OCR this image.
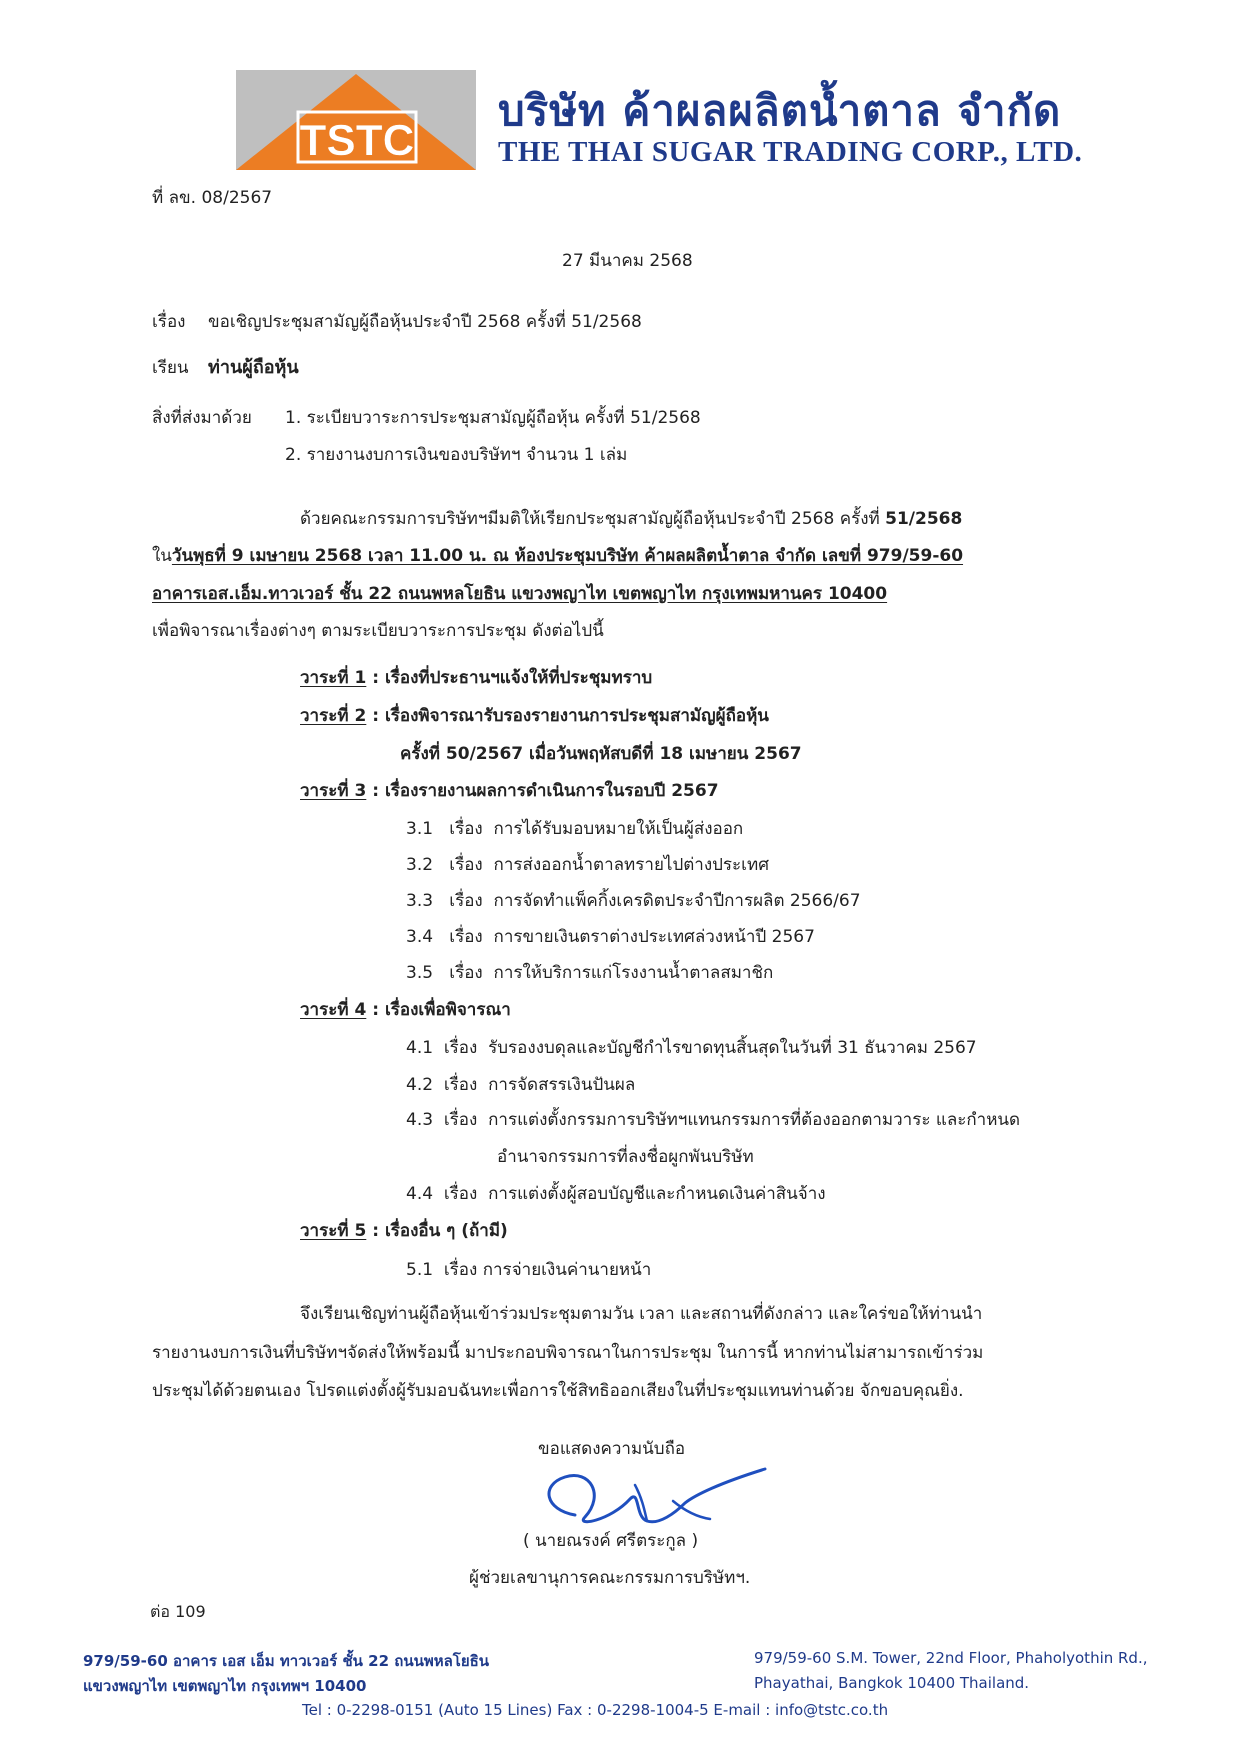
TSTC
บริษัท ค้าผลผลิตน้ำตาล จำกัด
THE THAI SUGAR TRADING CORP., LTD.
ที่ ลข. 08/2567
27 มีนาคม 2568
เรื่อง ขอเชิญประชุมสามัญผู้ถือหุ้นประจำปี 2568 ครั้งที่ 51/2568
เรียน ท่านผู้ถือหุ้น
สิ่งที่ส่งมาด้วย 1. ระเบียบวาระการประชุมสามัญผู้ถือหุ้น ครั้งที่ 51/2568
2. รายงานงบการเงินของบริษัทฯ จำนวน 1 เล่ม
ด้วยคณะกรรมการบริษัทฯมีมติให้เรียกประชุมสามัญผู้ถือหุ้นประจำปี 2568 ครั้งที่ 51/2568
ในวันพุธที่ 9 เมษายน 2568 เวลา 11.00 น. ณ ห้องประชุมบริษัท ค้าผลผลิตน้ำตาล จำกัด เลขที่ 979/59-60
อาคารเอส.เอ็ม.ทาวเวอร์ ชั้น 22 ถนนพหลโยธิน แขวงพญาไท เขตพญาไท กรุงเทพมหานคร 10400
เพื่อพิจารณาเรื่องต่างๆ ตามระเบียบวาระการประชุม ดังต่อไปนี้
วาระที่ 1 : เรื่องที่ประธานฯแจ้งให้ที่ประชุมทราบ
วาระที่ 2 : เรื่องพิจารณารับรองรายงานการประชุมสามัญผู้ถือหุ้น
ครั้งที่ 50/2567 เมื่อวันพฤหัสบดีที่ 18 เมษายน 2567
วาระที่ 3 : เรื่องรายงานผลการดำเนินการในรอบปี 2567
3.1 เรื่อง การได้รับมอบหมายให้เป็นผู้ส่งออก
3.2 เรื่อง การส่งออกน้ำตาลทรายไปต่างประเทศ
3.3 เรื่อง การจัดทำแพ็คกิ้งเครดิตประจำปีการผลิต 2566/67
3.4 เรื่อง การขายเงินตราต่างประเทศล่วงหน้าปี 2567
3.5 เรื่อง การให้บริการแก่โรงงานน้ำตาลสมาชิก
วาระที่ 4 : เรื่องเพื่อพิจารณา
4.1 เรื่อง รับรองงบดุลและบัญชีกำไรขาดทุนสิ้นสุดในวันที่ 31 ธันวาคม 2567
4.2 เรื่อง การจัดสรรเงินปันผล
4.3 เรื่อง การแต่งตั้งกรรมการบริษัทฯแทนกรรมการที่ต้องออกตามวาระ และกำหนด
อำนาจกรรมการที่ลงชื่อผูกพันบริษัท
4.4 เรื่อง การแต่งตั้งผู้สอบบัญชีและกำหนดเงินค่าสินจ้าง
วาระที่ 5 : เรื่องอื่น ๆ (ถ้ามี)
5.1 เรื่อง การจ่ายเงินค่านายหน้า
จึงเรียนเชิญท่านผู้ถือหุ้นเข้าร่วมประชุมตามวัน เวลา และสถานที่ดังกล่าว และใคร่ขอให้ท่านนำ
รายงานงบการเงินที่บริษัทฯจัดส่งให้พร้อมนี้ มาประกอบพิจารณาในการประชุม ในการนี้ หากท่านไม่สามารถเข้าร่วม
ประชุมได้ด้วยตนเอง โปรดแต่งตั้งผู้รับมอบฉันทะเพื่อการใช้สิทธิออกเสียงในที่ประชุมแทนท่านด้วย จักขอบคุณยิ่ง.
ขอแสดงความนับถือ
( นายณรงค์ ศรีตระกูล )
ผู้ช่วยเลขานุการคณะกรรมการบริษัทฯ.
ต่อ 109
979/59-60 อาคาร เอส เอ็ม ทาวเวอร์ ชั้น 22 ถนนพหลโยธิน
แขวงพญาไท เขตพญาไท กรุงเทพฯ 10400
979/59-60 S.M. Tower, 22nd Floor, Phaholyothin Rd.,
Phayathai, Bangkok 10400 Thailand.
Tel : 0-2298-0151 (Auto 15 Lines) Fax : 0-2298-1004-5 E-mail : info@tstc.co.th
